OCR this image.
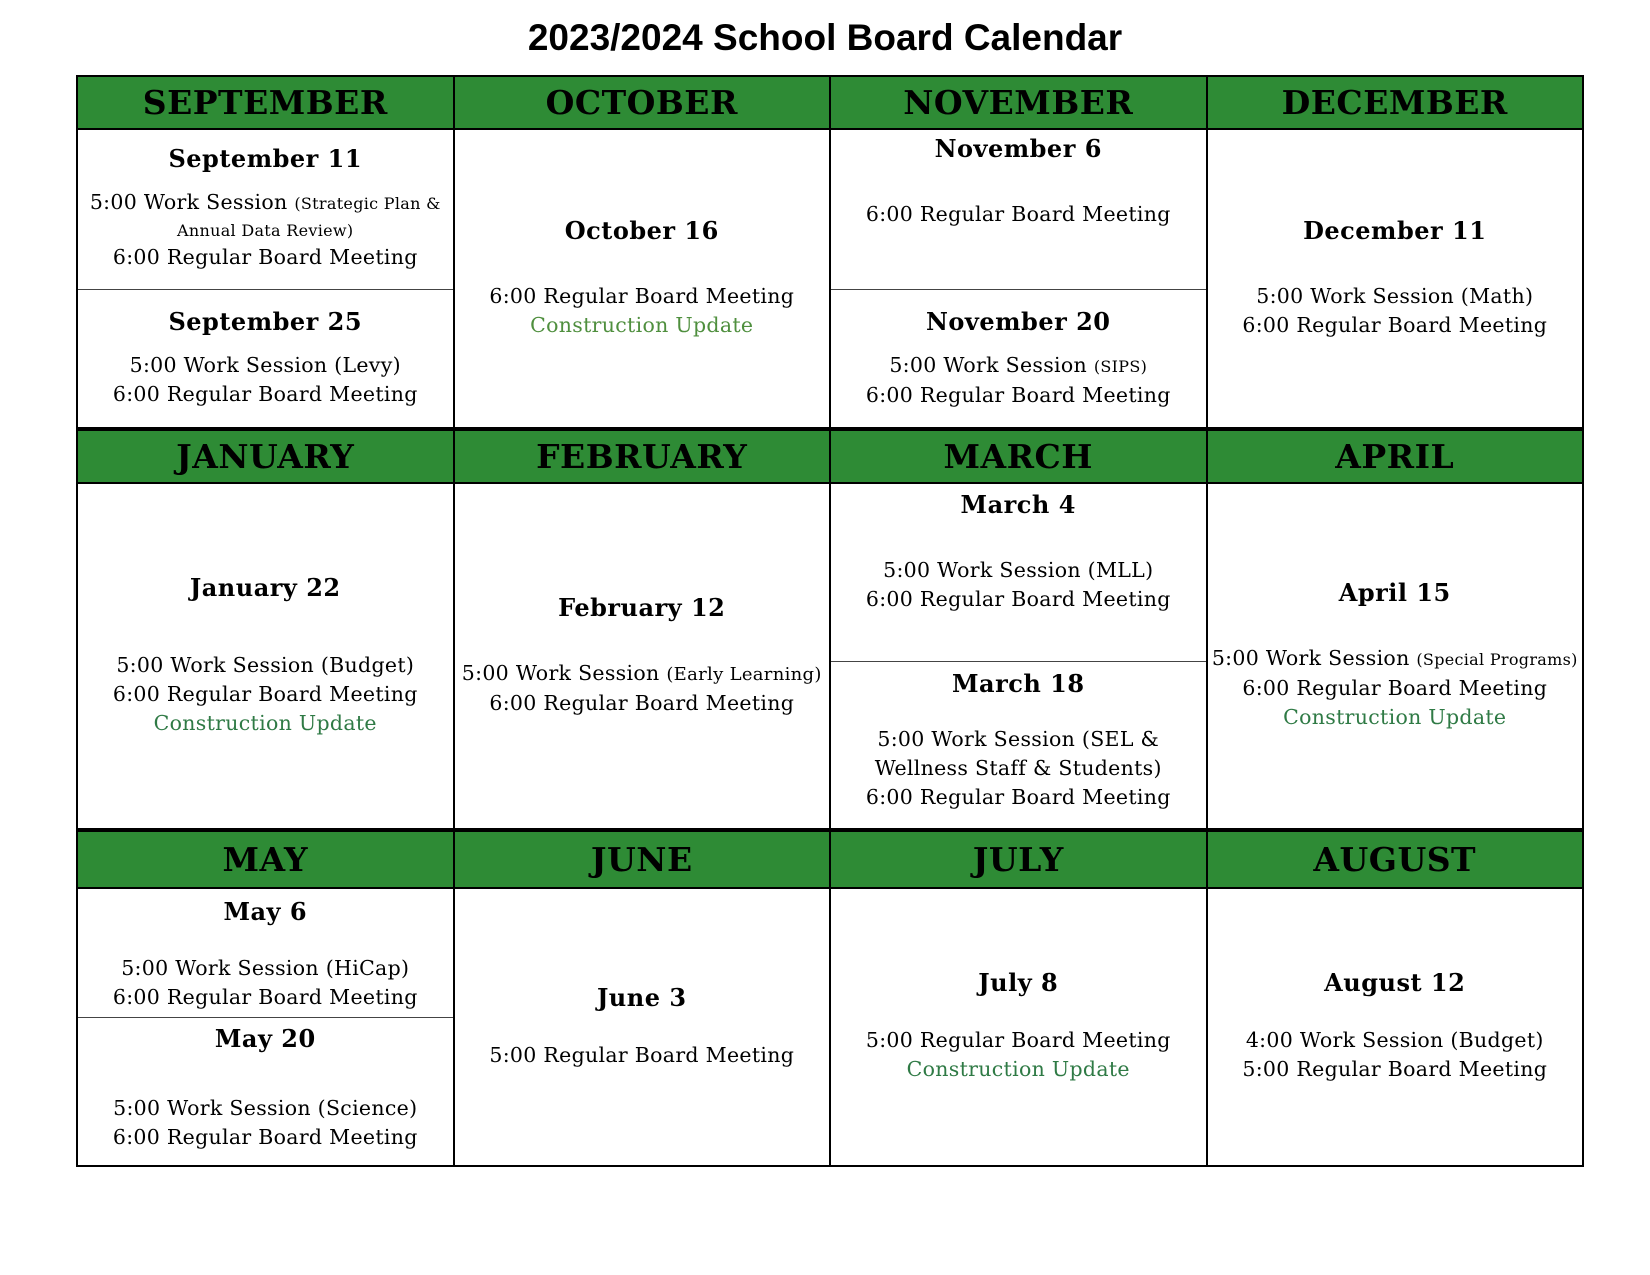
2023/2024 School Board Calendar
SEPTEMBER	OCTOBER	NOVEMBER	DECEMBER
September 11
5:00 Work Session (Strategic Plan &
Annual Data Review)
6:00 Regular Board Meeting
September 25
5:00 Work Session (Levy)
6:00 Regular Board Meeting
October 16
6:00 Regular Board Meeting
Construction Update
November 6
6:00 Regular Board Meeting
November 20
5:00 Work Session (SIPS)
6:00 Regular Board Meeting
December 11
5:00 Work Session (Math)
6:00 Regular Board Meeting
JANUARY	FEBRUARY	MARCH	APRIL
January 22
5:00 Work Session (Budget)
6:00 Regular Board Meeting
Construction Update
February 12
5:00 Work Session (Early Learning)
6:00 Regular Board Meeting
March 4
5:00 Work Session (MLL)
6:00 Regular Board Meeting
March 18
5:00 Work Session (SEL &
Wellness Staff & Students)
6:00 Regular Board Meeting
April 15
5:00 Work Session (Special Programs)
6:00 Regular Board Meeting
Construction Update
MAY	JUNE	JULY	AUGUST
May 6
5:00 Work Session (HiCap)
6:00 Regular Board Meeting
May 20
5:00 Work Session (Science)
6:00 Regular Board Meeting
June 3
5:00 Regular Board Meeting
July 8
5:00 Regular Board Meeting
Construction Update
August 12
4:00 Work Session (Budget)
5:00 Regular Board Meeting
